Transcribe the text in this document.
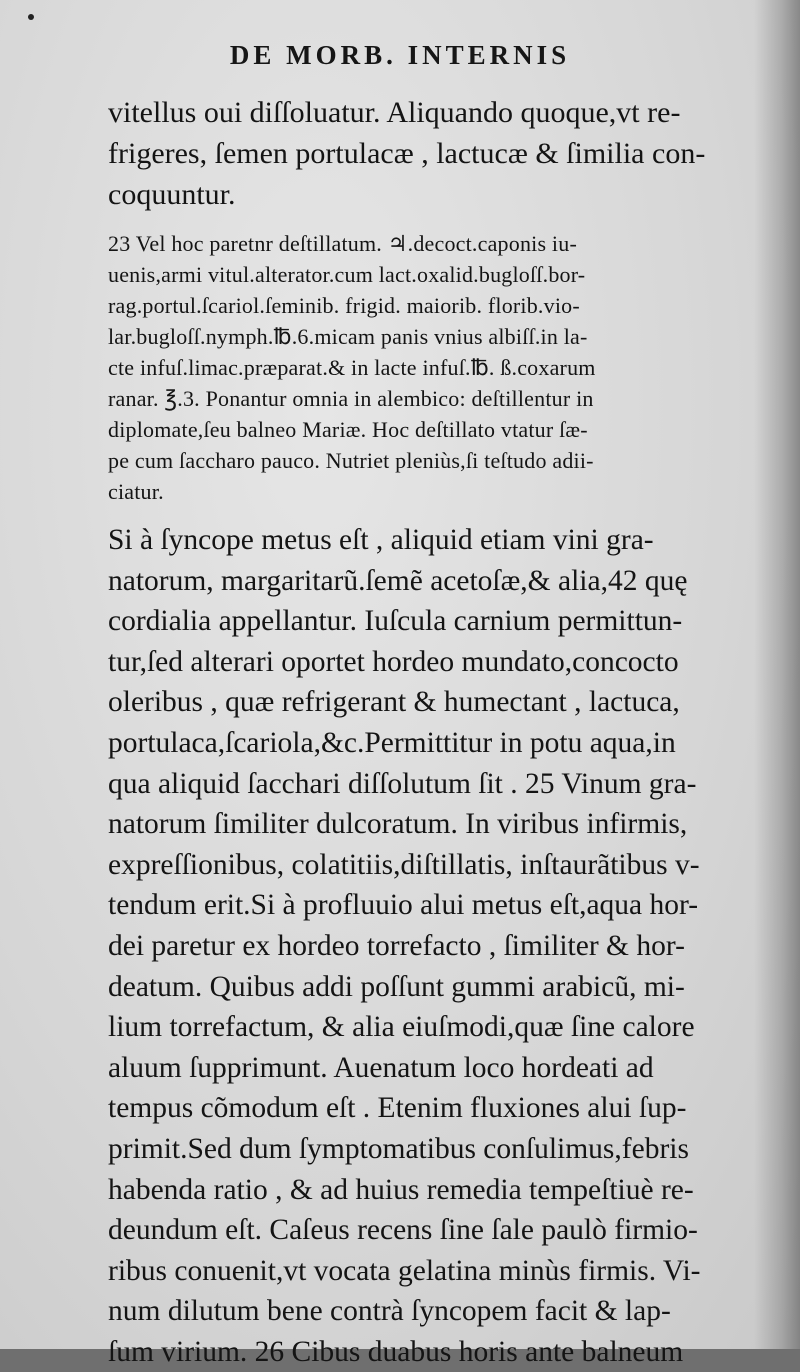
DE MORB. INTERNIS
vitellus oui diſſoluatur. Aliquando quoque,vt re-
frigeres, ſemen portulacæ , lactucæ & ſimilia con-
coquuntur.
23 Vel hoc paretnr deſtillatum. ♃.decoct.caponis iu-
uenis,armi vitul.alterator.cum lact.oxalid.bugloſſ.bor-
rag.portul.ſcariol.ſeminib. frigid. maiorib. florib.vio-
lar.bugloſſ.nymph.℔.6.micam panis vnius albiſſ.in la-
cte infuſ.limac.præparat.& in lacte infuſ.℔. ß.coxarum
ranar. ℥.3. Ponantur omnia in alembico: deſtillentur in
diplomate,ſeu balneo Mariæ. Hoc deſtillato vtatur ſæ-
pe cum ſaccharo pauco. Nutriet pleniùs,ſi teſtudo adii-
ciatur.
Si à ſyncope metus eſt , aliquid etiam vini gra-
natorum, margaritarũ.ſemẽ acetoſæ,& alia,42 quę
cordialia appellantur. Iuſcula carnium permittun-
tur,ſed alterari oportet hordeo mundato,concocto
oleribus , quæ refrigerant & humectant , lactuca,
portulaca,ſcariola,&c.Permittitur in potu aqua,in
qua aliquid ſacchari diſſolutum ſit . 25 Vinum gra-
natorum ſimiliter dulcoratum. In viribus infirmis,
expreſſionibus, colatitiis,diſtillatis, inſtaurãtibus v-
tendum erit.Si à profluuio alui metus eſt,aqua hor-
dei paretur ex hordeo torrefacto , ſimiliter & hor-
deatum. Quibus addi poſſunt gummi arabicũ, mi-
lium torrefactum, & alia eiuſmodi,quæ ſine calore
aluum ſupprimunt. Auenatum loco hordeati ad
tempus cõmodum eſt . Etenim fluxiones alui ſup-
primit.Sed dum ſymptomatibus conſulimus,febris
habenda ratio , & ad huius remedia tempeſtiuè re-
deundum eſt. Caſeus recens ſine ſale paulò firmio-
ribus conuenit,vt vocata gelatina minùs firmis. Vi-
num dilutum bene contrà ſyncopem facit & lap-
ſum virium. 26 Cibus duabus horis ante balneum
